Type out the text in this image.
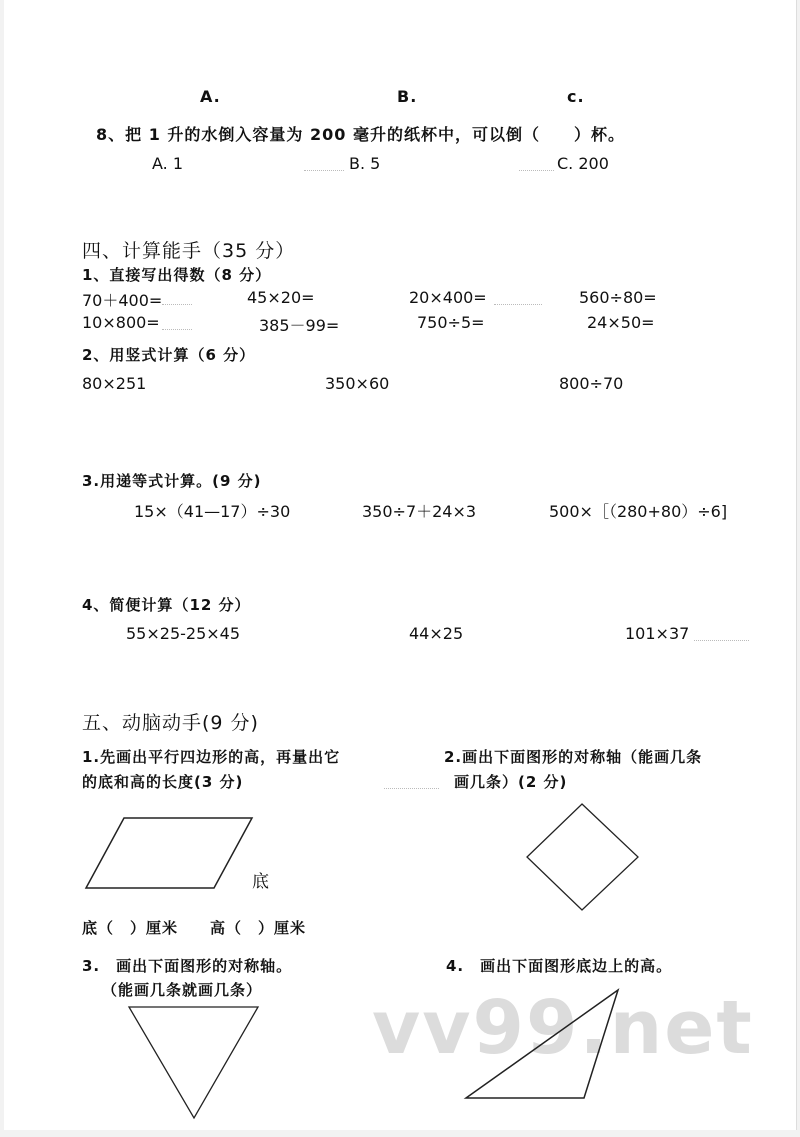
A.	B.	c.
8、把 1 升的水倒入容量为 200 毫升的纸杯中，可以倒（　　）杯。
A. 1	B. 5	C. 200
四、计算能手（35 分）
1、直接写出得数（8 分）
70＋400=	45×20=	20×400=	560÷80=
10×800=	385－99=	750÷5=	24×50=
2、用竖式计算（6 分）
80×251	350×60	800÷70
3.用递等式计算。(9 分)
15×（41—17）÷30	350÷7＋24×3	500×［（280+80）÷6]
4、简便计算（12 分）
55×25-25×45	44×25	101×37
五、动脑动手(9 分)
1.先画出平行四边形的高，再量出它
的底和高的长度(3 分)
2.画出下面图形的对称轴（能画几条
画几条）(2 分)
底
底（　）厘米　　高（　）厘米
3.　画出下面图形的对称轴。
（能画几条就画几条）
4.　画出下面图形底边上的高。
vv99.net
